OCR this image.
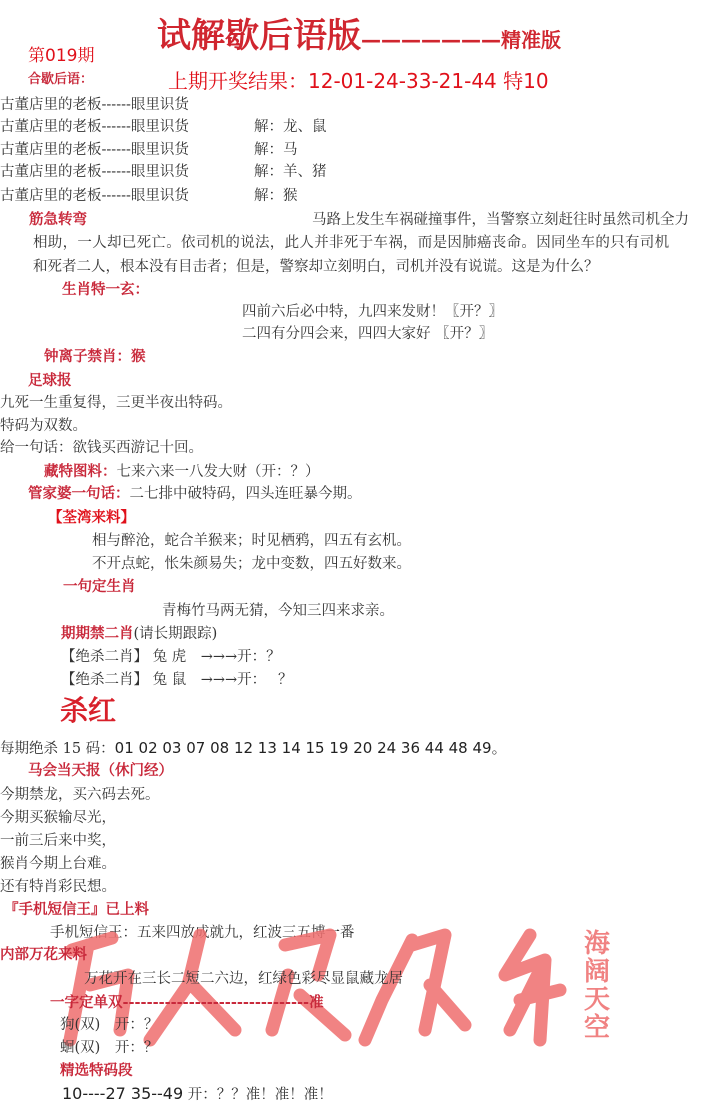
试解歇后语版———————精准版
第019期
上期开奖结果：12-01-24-33-21-44 特10
合歇后语：
古董店里的老板------眼里识货
古董店里的老板------眼里识货	解：龙、鼠
古董店里的老板------眼里识货	解：马
古董店里的老板------眼里识货	解：羊、猪
古董店里的老板------眼里识货	解：猴
筋急转弯	马路上发生车祸碰撞事件，当警察立刻赶往时虽然司机全力
相助，一人却已死亡。依司机的说法，此人并非死于车祸，而是因肺癌丧命。因同坐车的只有司机
和死者二人，根本没有目击者；但是，警察却立刻明白，司机并没有说谎。这是为什么？
生肖特一玄：
四前六后必中特，九四来发财！〖开？〗
二四有分四会来，四四大家好 〖开？〗
钟离子禁肖：猴
足球报
九死一生重复得，三更半夜出特码。
特码为双数。
给一句话：欲钱买西游记十回。
藏特图料：七来六来一八发大财（开：？）
管家婆一句话：二七排中破特码，四头连旺暴今期。
【荃湾来料】
相与醉沧，蛇合羊猴来；时见栖鸦，四五有玄机。
不开点蛇，怅朱颜易失；龙中变数，四五好数来。
一句定生肖
青梅竹马两无猜，今知三四来求亲。
期期禁二肖(请长期跟踪)
【绝杀二肖】 兔 虎　→→→开：？
【绝杀二肖】 兔 鼠　→→→开：　 ？
杀红
每期绝杀 15 码：01 02 03 07 08 12 13 14 15 19 20 24 36 44 48 49。
马会当天报（休门经）
今期禁龙，买六码去死。
今期买猴输尽光，
一前三后来中奖，
猴肖今期上台难。
还有特肖彩民想。
『手机短信王』已上料
手机短信王：五来四放成就九，红波三五博一番	海阔天空
内部万花来料
万花开在三长二短二六边，红绿色彩尽显鼠藏龙居
一字定单双-------------------------------准
狗(双)　开：？
蛔(双)　开：？
精选特码段
10----27 35--49 开：？？准！准！准！
